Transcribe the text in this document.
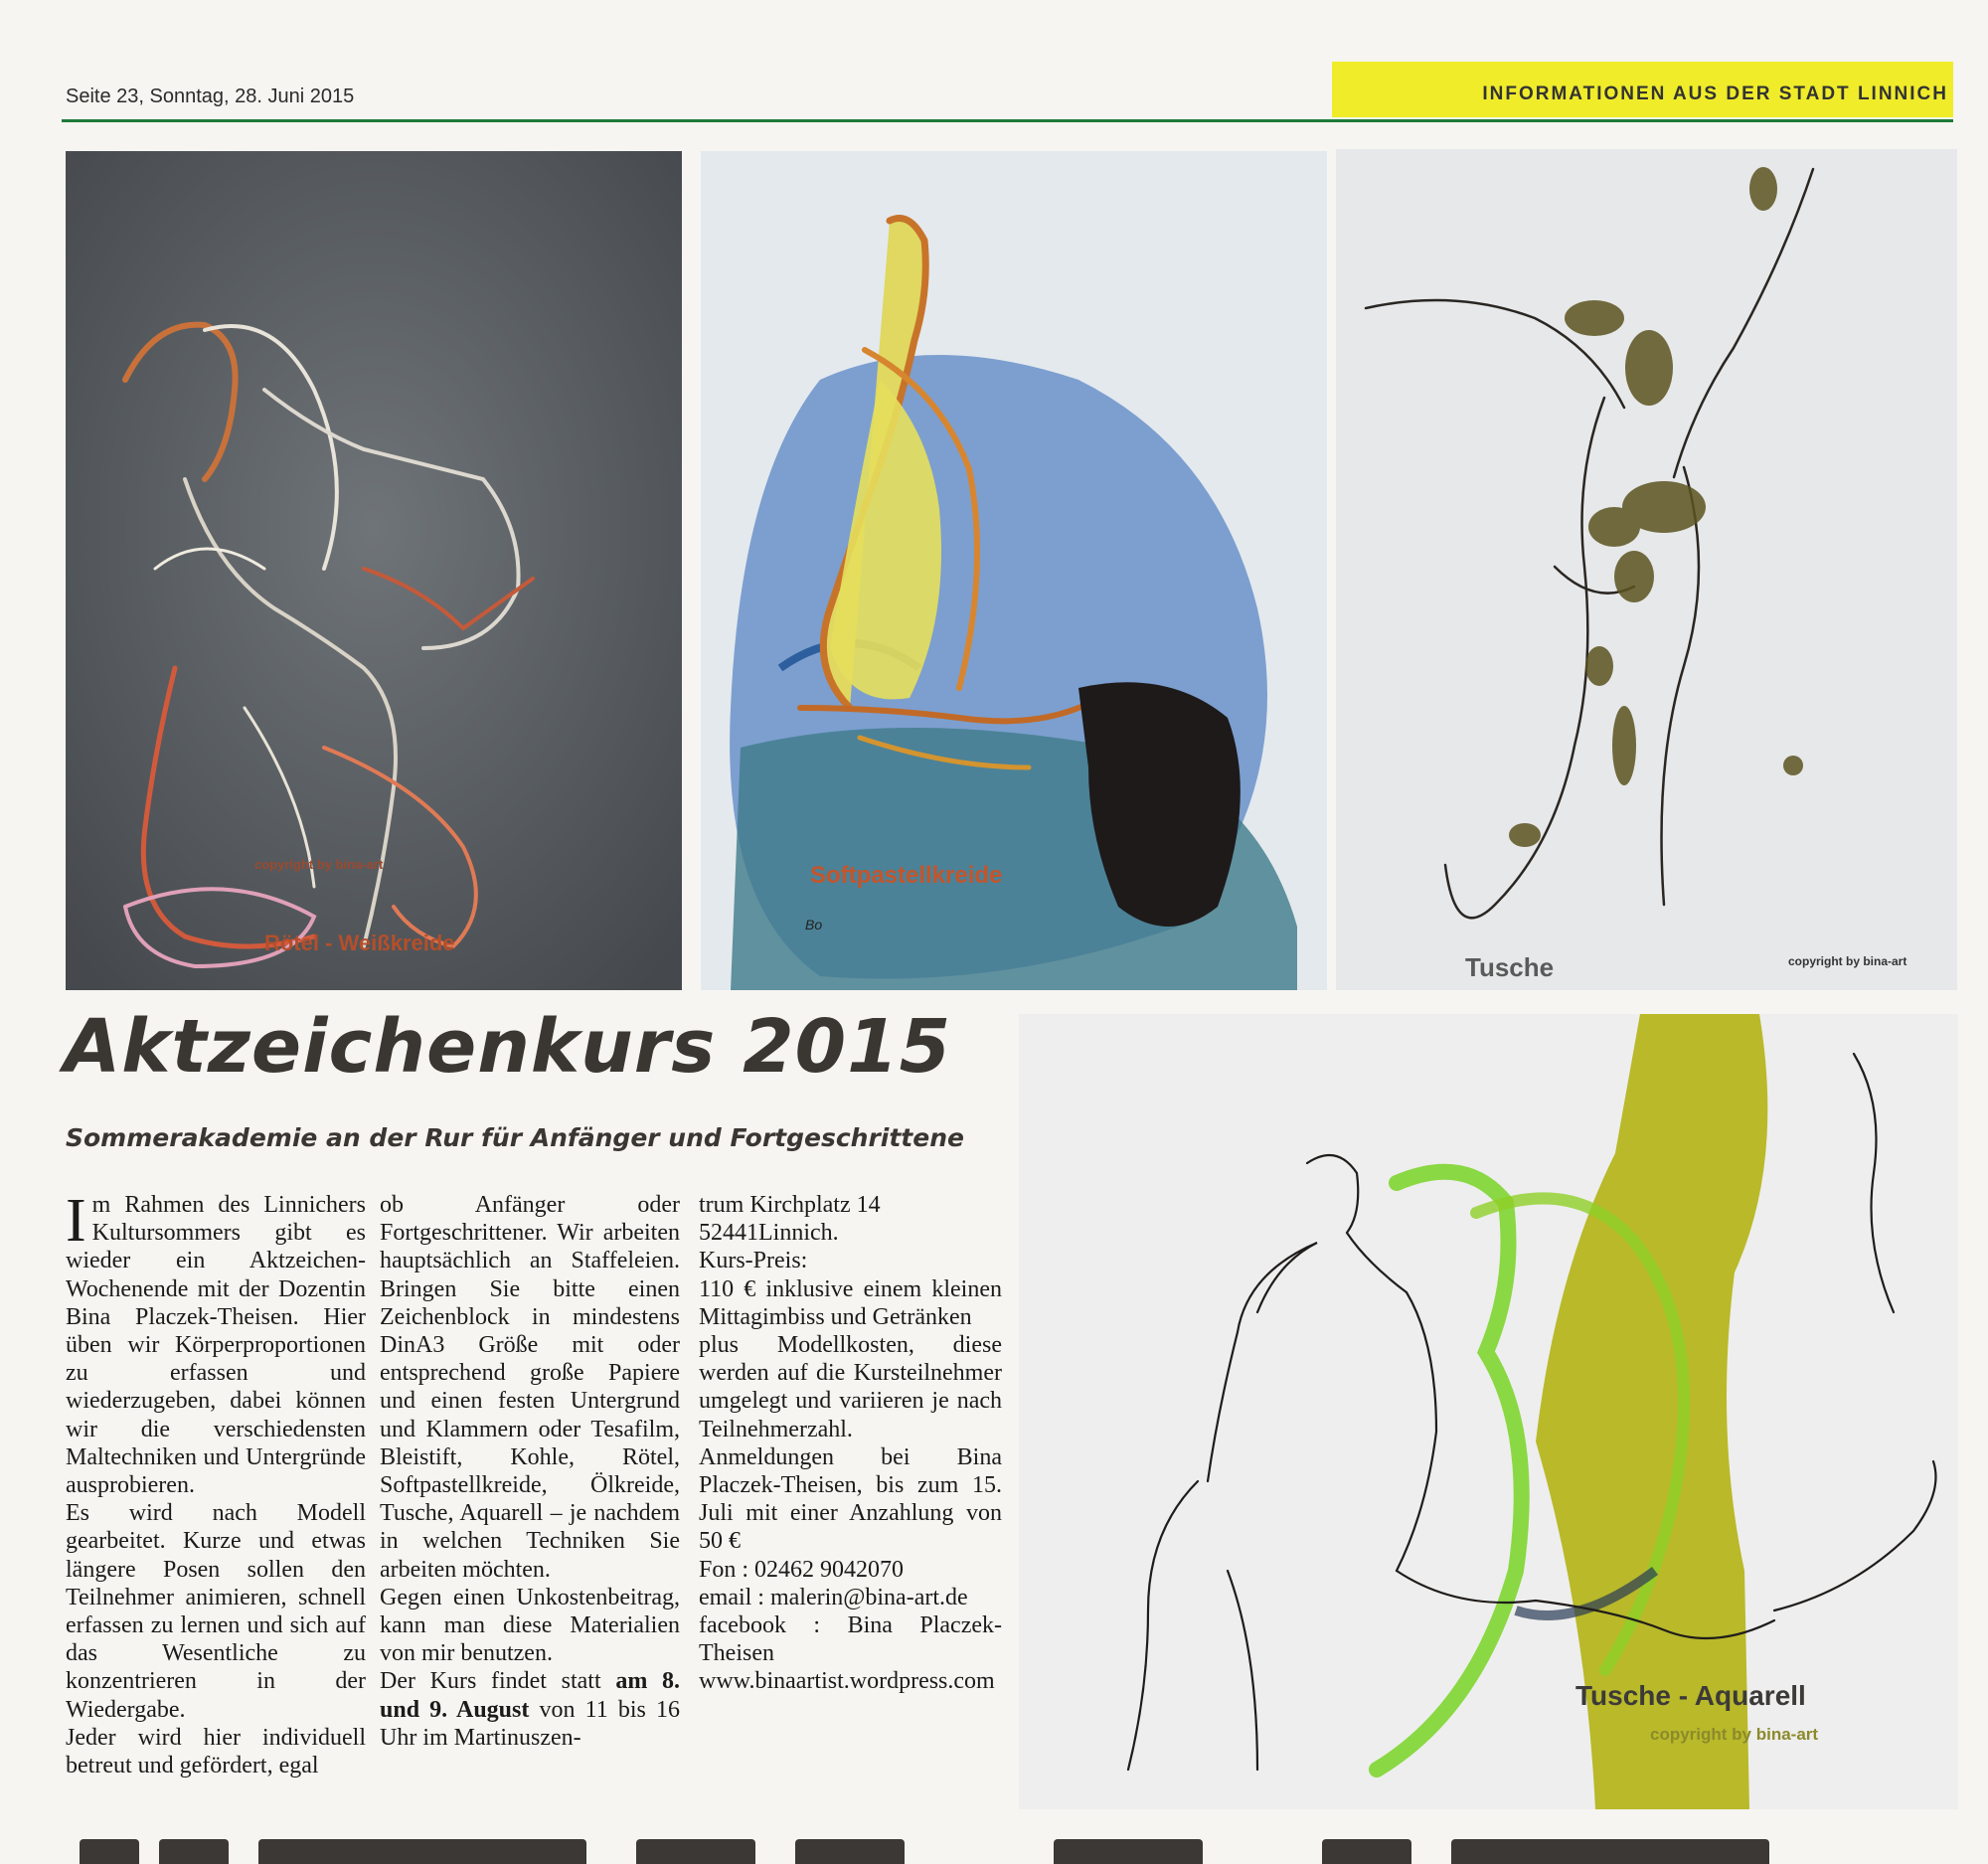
Seite 23, Sonntag, 28. Juni 2015	INFORMATIONEN AUS DER STADT LINNICH
copyright by bina-art
Rötel - Weißkreide
Softpastellkreide
Bo
Tusche	copyright by bina-art
Tusche - Aquarell
copyright by bina-art
Aktzeichenkurs 2015
Sommerakademie an der Rur für Anfänger und Fortgeschrittene

Im Rahmen des Linnichers Kultursommers gibt es wieder ein Aktzeichen-Wochenende mit der Dozentin Bina Placzek-Theisen. Hier üben wir Körperproportionen zu erfassen und wiederzugeben, dabei können wir die verschiedensten Maltechniken und Untergründe ausprobieren.

Es wird nach Modell gearbeitet. Kurze und etwas längere Posen sollen den Teilnehmer animieren, schnell erfassen zu lernen und sich auf das Wesentliche zu konzentrieren in der Wiedergabe.

Jeder wird hier individuell betreut und gefördert, egal

ob Anfänger oder Fortgeschrittener. Wir arbeiten hauptsächlich an Staffeleien. Bringen Sie bitte einen Zeichenblock in mindestens DinA3 Größe mit oder entsprechend große Papiere und einen festen Untergrund und Klammern oder Tesafilm, Bleistift, Kohle, Rötel, Softpastellkreide, Ölkreide, Tusche, Aquarell – je nachdem in welchen Techniken Sie arbeiten möchten.

Gegen einen Unkostenbeitrag, kann man diese Materialien von mir benutzen.

Der Kurs findet statt am 8. und 9. August von 11 bis 16 Uhr im Martinuszen-

trum Kirchplatz 14

52441Linnich.

Kurs-Preis:

110 € inklusive einem kleinen Mittagimbiss und Getränken

plus Modellkosten, diese werden auf die Kursteilnehmer umgelegt und variieren je nach Teilnehmerzahl.

Anmeldungen bei Bina Placzek-Theisen, bis zum 15. Juli mit einer Anzahlung von 50 €

Fon : 02462 9042070

email : malerin@bina-art.de

facebook : Bina Placzek-Theisen

www.binaartist.wordpress.com
